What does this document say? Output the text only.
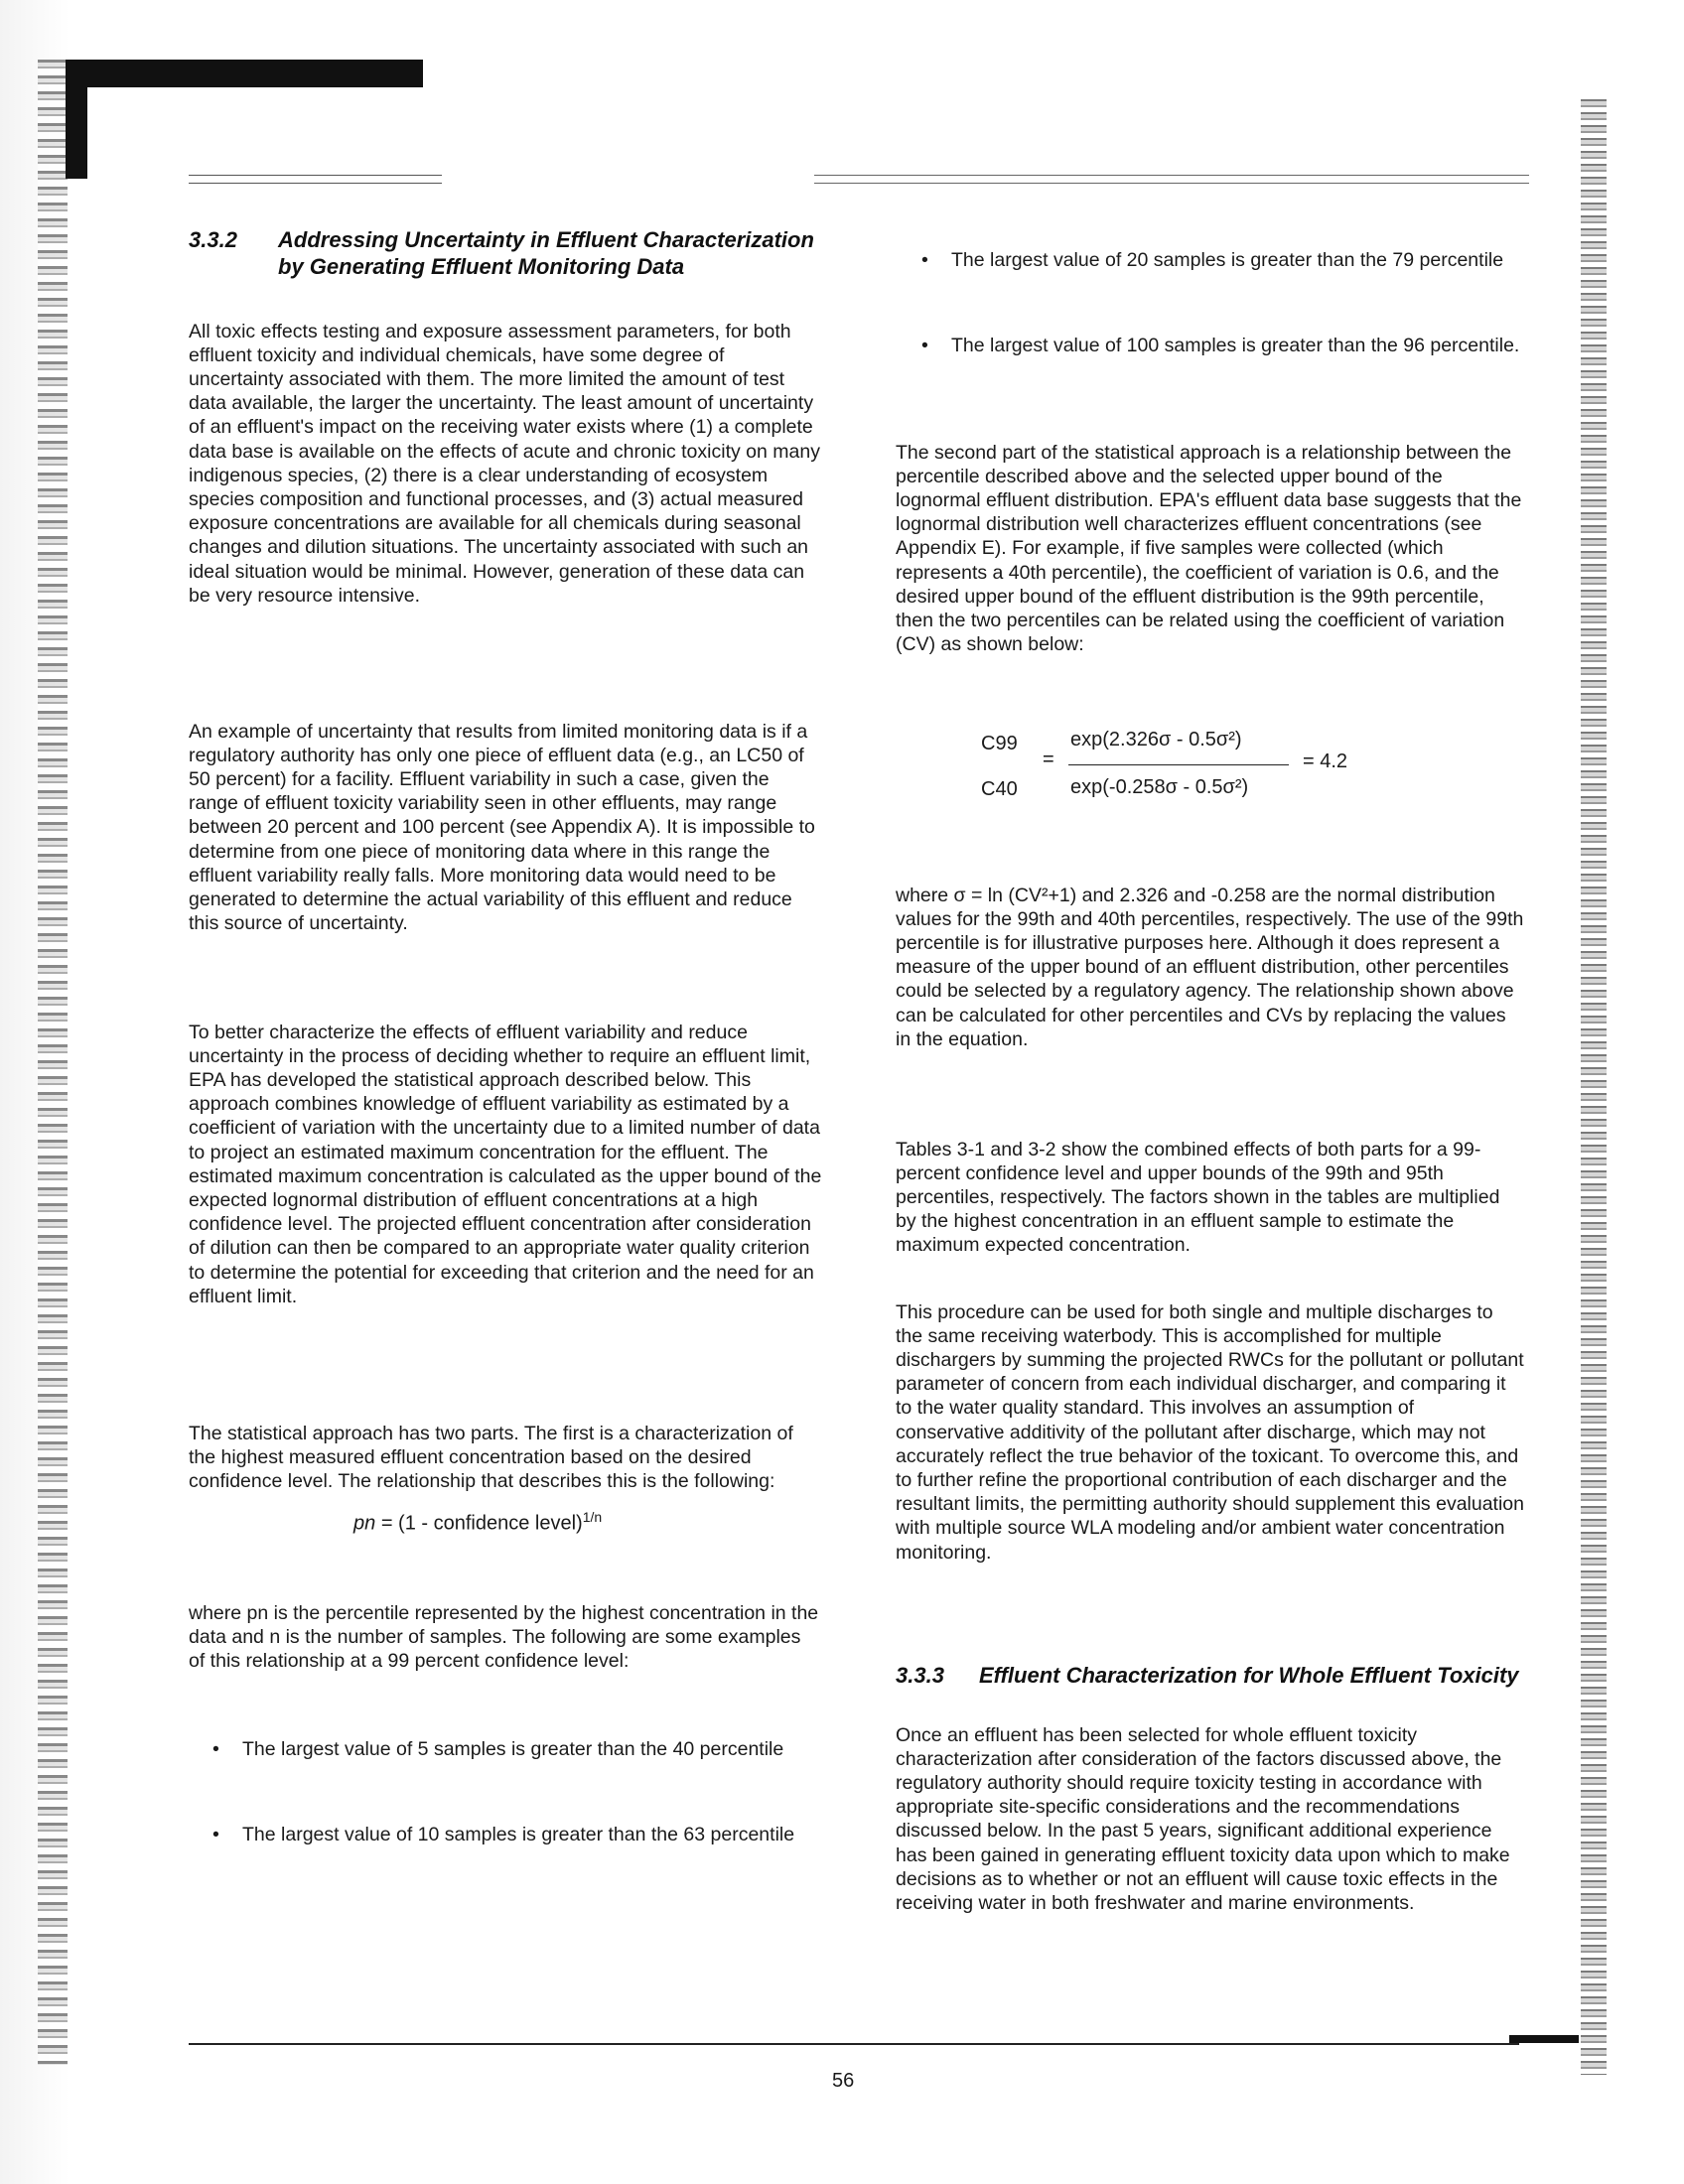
3.3.2 Addressing Uncertainty in Effluent Characterization
by Generating Effluent Monitoring Data

All toxic effects testing and exposure assessment parameters, for both effluent toxicity and individual chemicals, have some degree of uncertainty associated with them. The more limited the amount of test data available, the larger the uncertainty. The least amount of uncertainty of an effluent's impact on the receiving water exists where (1) a complete data base is available on the effects of acute and chronic toxicity on many indigenous species, (2) there is a clear understanding of ecosystem species composition and functional processes, and (3) actual measured exposure concentrations are available for all chemicals during seasonal changes and dilution situations. The uncertainty associated with such an ideal situation would be minimal. However, generation of these data can be very resource intensive.

An example of uncertainty that results from limited monitoring data is if a regulatory authority has only one piece of effluent data (e.g., an LC50 of 50 percent) for a facility. Effluent variability in such a case, given the range of effluent toxicity variability seen in other effluents, may range between 20 percent and 100 percent (see Appendix A). It is impossible to determine from one piece of monitoring data where in this range the effluent variability really falls. More monitoring data would need to be generated to determine the actual variability of this effluent and reduce this source of uncertainty.

To better characterize the effects of effluent variability and reduce uncertainty in the process of deciding whether to require an effluent limit, EPA has developed the statistical approach described below. This approach combines knowledge of effluent variability as estimated by a coefficient of variation with the uncertainty due to a limited number of data to project an estimated maximum concentration for the effluent. The estimated maximum concentration is calculated as the upper bound of the expected lognormal distribution of effluent concentrations at a high confidence level. The projected effluent concentration after consideration of dilution can then be compared to an appropriate water quality criterion to determine the potential for exceeding that criterion and the need for an effluent limit.

The statistical approach has two parts. The first is a characterization of the highest measured effluent concentration based on the desired confidence level. The relationship that describes this is the following:

pn = (1 - confidence level)$^{1/n}$

where pn is the percentile represented by the highest concentration in the data and n is the number of samples. The following are some examples of this relationship at a 99 percent confidence level:

• The largest value of 5 samples is greater than the 40 percentile
• The largest value of 10 samples is greater than the 63 percentile
• The largest value of 20 samples is greater than the 79 percentile
• The largest value of 100 samples is greater than the 96 percentile.

The second part of the statistical approach is a relationship between the percentile described above and the selected upper bound of the lognormal effluent distribution. EPA's effluent data base suggests that the lognormal distribution well characterizes effluent concentrations (see Appendix E). For example, if five samples were collected (which represents a 40th percentile), the coefficient of variation is 0.6, and the desired upper bound of the effluent distribution is the 99th percentile, then the two percentiles can be related using the coefficient of variation (CV) as shown below:

C99
=
C40
exp(2.326σ - 0.5σ²)
exp(-0.258σ - 0.5σ²)
= 4.2

where σ = ln (CV²+1) and 2.326 and -0.258 are the normal distribution values for the 99th and 40th percentiles, respectively. The use of the 99th percentile is for illustrative purposes here. Although it does represent a measure of the upper bound of an effluent distribution, other percentiles could be selected by a regulatory agency. The relationship shown above can be calculated for other percentiles and CVs by replacing the values in the equation.

Tables 3-1 and 3-2 show the combined effects of both parts for a 99-percent confidence level and upper bounds of the 99th and 95th percentiles, respectively. The factors shown in the tables are multiplied by the highest concentration in an effluent sample to estimate the maximum expected concentration.

This procedure can be used for both single and multiple discharges to the same receiving waterbody. This is accomplished for multiple dischargers by summing the projected RWCs for the pollutant or pollutant parameter of concern from each individual discharger, and comparing it to the water quality standard. This involves an assumption of conservative additivity of the pollutant after discharge, which may not accurately reflect the true behavior of the toxicant. To overcome this, and to further refine the proportional contribution of each discharger and the resultant limits, the permitting authority should supplement this evaluation with multiple source WLA modeling and/or ambient water concentration monitoring.

3.3.3 Effluent Characterization for Whole Effluent Toxicity

Once an effluent has been selected for whole effluent toxicity characterization after consideration of the factors discussed above, the regulatory authority should require toxicity testing in accordance with appropriate site-specific considerations and the recommendations discussed below. In the past 5 years, significant additional experience has been gained in generating effluent toxicity data upon which to make decisions as to whether or not an effluent will cause toxic effects in the receiving water in both freshwater and marine environments.

56
